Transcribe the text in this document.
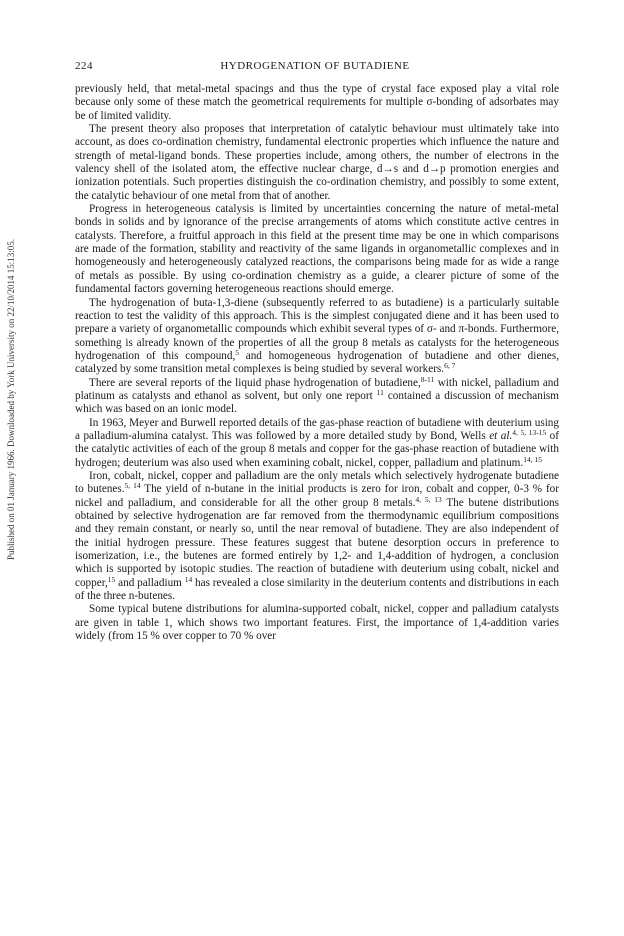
224	HYDROGENATION OF BUTADIENE
Published on 01 January 1966. Downloaded by York University on 22/10/2014 15:13:05.

previously held, that metal-metal spacings and thus the type of crystal face exposed play a vital role because only some of these match the geometrical requirements for multiple σ-bonding of adsorbates may be of limited validity.

The present theory also proposes that interpretation of catalytic behaviour must ultimately take into account, as does co-ordination chemistry, fundamental electronic properties which influence the nature and strength of metal-ligand bonds. These properties include, among others, the number of electrons in the valency shell of the isolated atom, the effective nuclear charge, d→s and d→p promotion energies and ionization potentials. Such properties distinguish the co-ordination chemistry, and possibly to some extent, the catalytic behaviour of one metal from that of another.

Progress in heterogeneous catalysis is limited by uncertainties concerning the nature of metal-metal bonds in solids and by ignorance of the precise arrangements of atoms which constitute active centres in catalysts. Therefore, a fruitful approach in this field at the present time may be one in which comparisons are made of the formation, stability and reactivity of the same ligands in organometallic complexes and in homogeneously and heterogeneously catalyzed reactions, the comparisons being made for as wide a range of metals as possible. By using co-ordination chemistry as a guide, a clearer picture of some of the fundamental factors governing heterogeneous reactions should emerge.

The hydrogenation of buta-1,3-diene (subsequently referred to as butadiene) is a particularly suitable reaction to test the validity of this approach. This is the simplest conjugated diene and it has been used to prepare a variety of organometallic compounds which exhibit several types of σ- and π-bonds. Furthermore, something is already known of the properties of all the group 8 metals as catalysts for the heterogeneous hydrogenation of this compound,$^5$ and homogeneous hydrogenation of butadiene and other dienes, catalyzed by some transition metal complexes is being studied by several workers.$^{6, 7}$

There are several reports of the liquid phase hydrogenation of butadiene,$^{8-11}$ with nickel, palladium and platinum as catalysts and ethanol as solvent, but only one report $^{11}$ contained a discussion of mechanism which was based on an ionic model.

In 1963, Meyer and Burwell reported details of the gas-phase reaction of butadiene with deuterium using a palladium-alumina catalyst. This was followed by a more detailed study by Bond, Wells et al.$^{4, 5, 13-15}$ of the catalytic activities of each of the group 8 metals and copper for the gas-phase reaction of butadiene with hydrogen; deuterium was also used when examining cobalt, nickel, copper, palladium and platinum.$^{14, 15}$

Iron, cobalt, nickel, copper and palladium are the only metals which selectively hydrogenate butadiene to butenes.$^{5, 14}$ The yield of n-butane in the initial products is zero for iron, cobalt and copper, 0-3 % for nickel and palladium, and considerable for all the other group 8 metals.$^{4, 5, 13}$ The butene distributions obtained by selective hydrogenation are far removed from the thermodynamic equilibrium compositions and they remain constant, or nearly so, until the near removal of butadiene. They are also independent of the initial hydrogen pressure. These features suggest that butene desorption occurs in preference to isomerization, i.e., the butenes are formed entirely by 1,2- and 1,4-addition of hydrogen, a conclusion which is supported by isotopic studies. The reaction of butadiene with deuterium using cobalt, nickel and copper,$^{15}$ and palladium $^{14}$ has revealed a close similarity in the deuterium contents and distributions in each of the three n-butenes.

Some typical butene distributions for alumina-supported cobalt, nickel, copper and palladium catalysts are given in table 1, which shows two important features. First, the importance of 1,4-addition varies widely (from 15 % over copper to 70 % over
